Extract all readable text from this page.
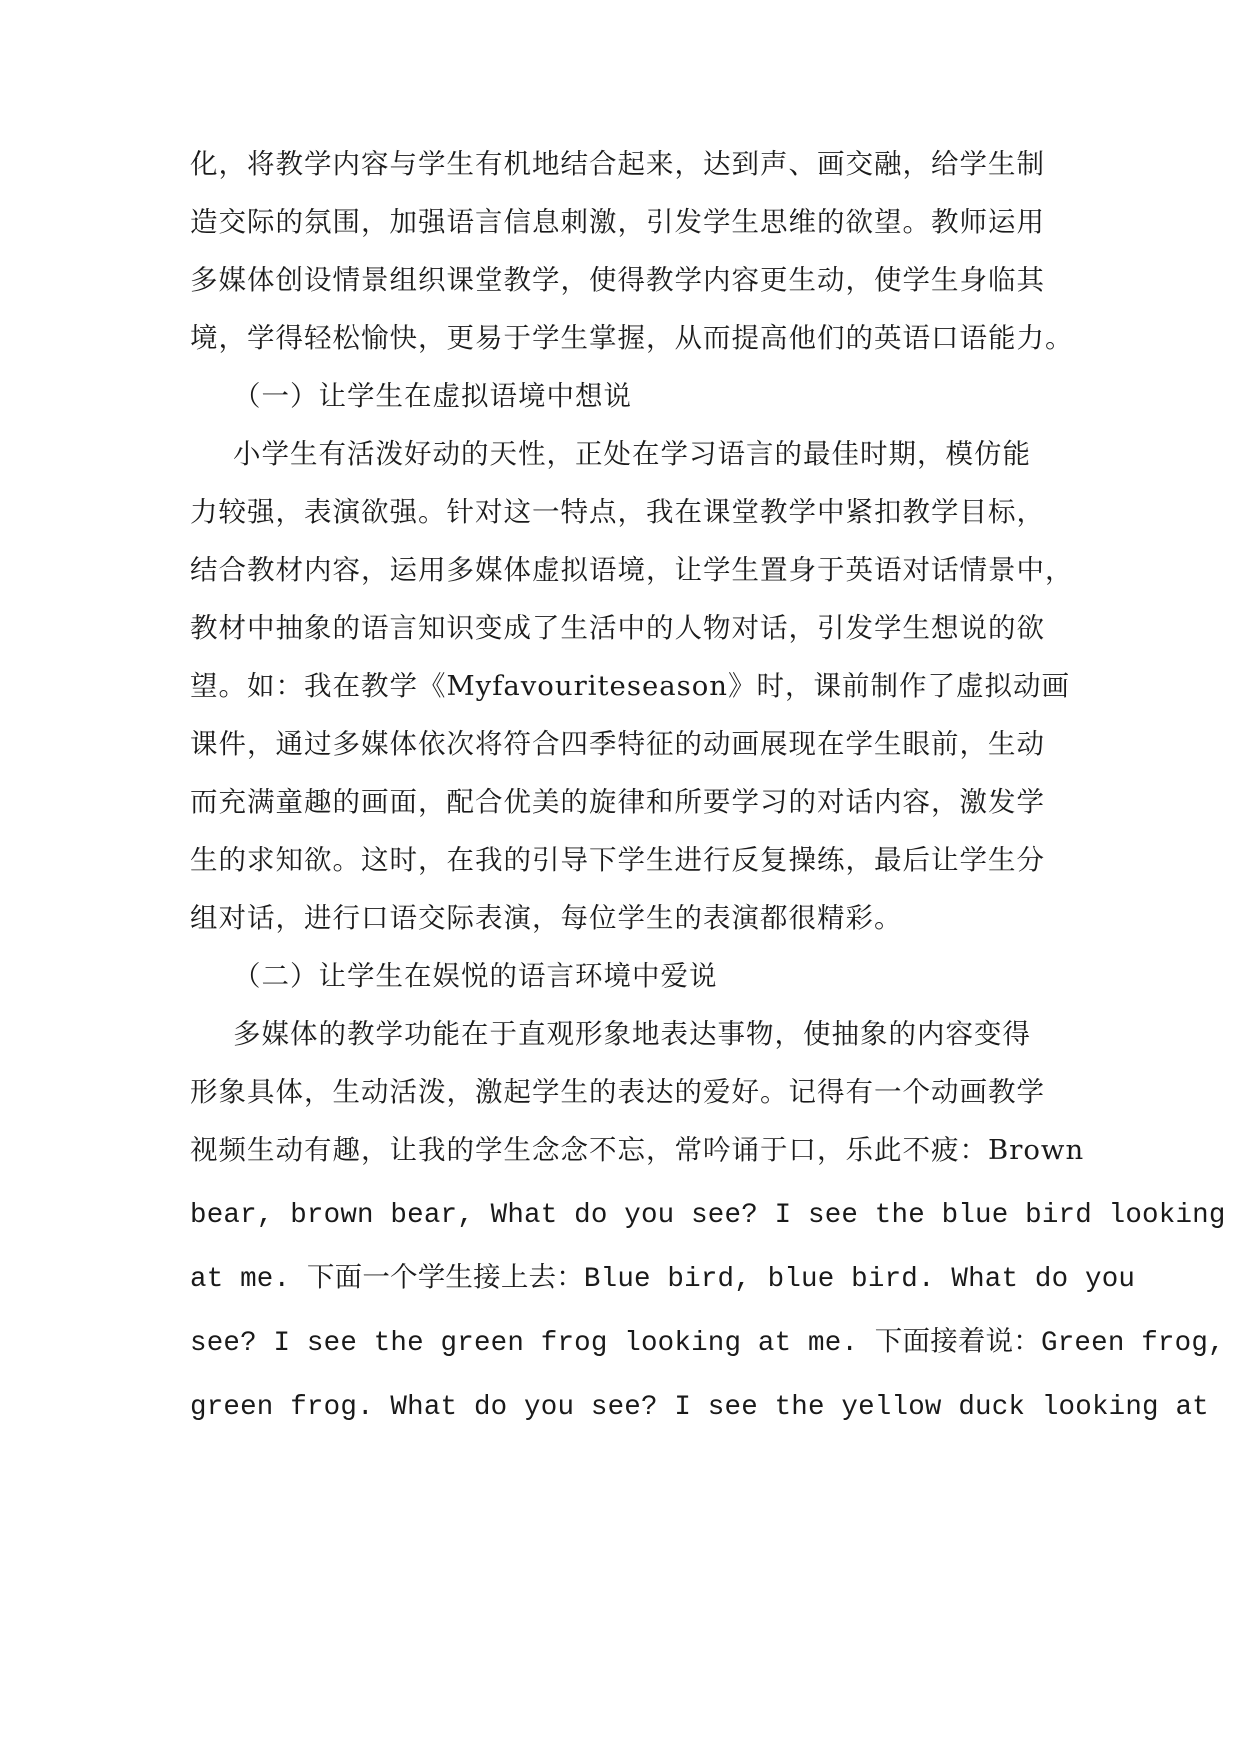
化，将教学内容与学生有机地结合起来，达到声、画交融，给学生制
造交际的氛围，加强语言信息刺激，引发学生思维的欲望。教师运用
多媒体创设情景组织课堂教学，使得教学内容更生动，使学生身临其
境，学得轻松愉快，更易于学生掌握，从而提高他们的英语口语能力。
（一）让学生在虚拟语境中想说
小学生有活泼好动的天性，正处在学习语言的最佳时期，模仿能
力较强，表演欲强。针对这一特点，我在课堂教学中紧扣教学目标，
结合教材内容，运用多媒体虚拟语境，让学生置身于英语对话情景中，
教材中抽象的语言知识变成了生活中的人物对话，引发学生想说的欲
望。如：我在教学《Myfavouriteseason》时，课前制作了虚拟动画
课件，通过多媒体依次将符合四季特征的动画展现在学生眼前，生动
而充满童趣的画面，配合优美的旋律和所要学习的对话内容，激发学
生的求知欲。这时，在我的引导下学生进行反复操练，最后让学生分
组对话，进行口语交际表演，每位学生的表演都很精彩。
（二）让学生在娱悦的语言环境中爱说
多媒体的教学功能在于直观形象地表达事物，使抽象的内容变得
形象具体，生动活泼，激起学生的表达的爱好。记得有一个动画教学
视频生动有趣，让我的学生念念不忘，常吟诵于口，乐此不疲：Brown
bear, brown bear, What do you see? I see the blue bird looking
at me. 下面一个学生接上去：Blue bird, blue bird. What do you
see? I see the green frog looking at me. 下面接着说：Green frog,
green frog. What do you see? I see the yellow duck looking at
